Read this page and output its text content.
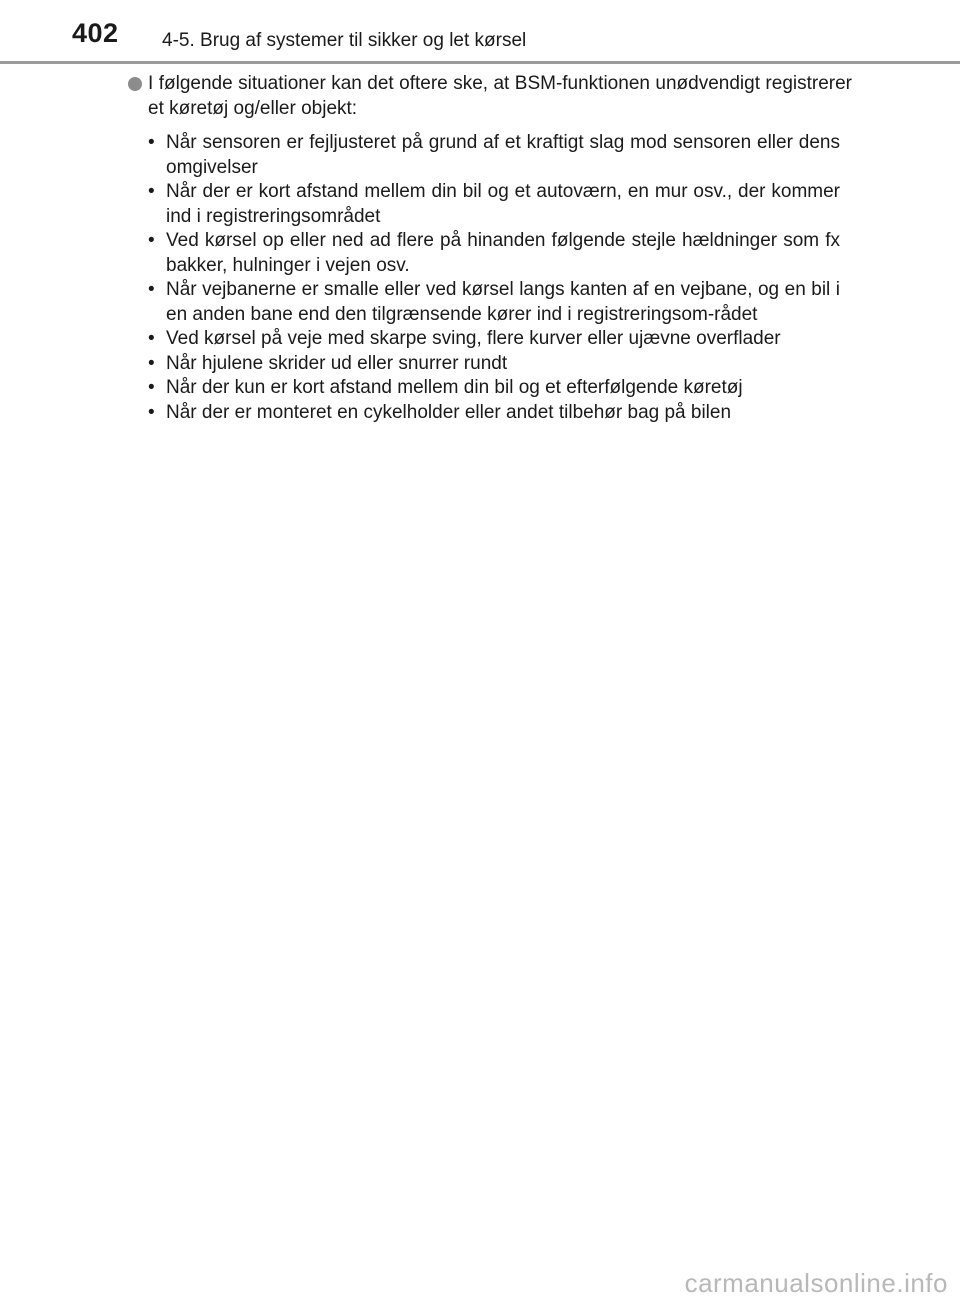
402 4-5. Brug af systemer til sikker og let kørsel
I følgende situationer kan det oftere ske, at BSM-funktionen unødvendigt registrerer et køretøj og/eller objekt:
• Når sensoren er fejljusteret på grund af et kraftigt slag mod sensoren eller dens omgivelser
• Når der er kort afstand mellem din bil og et autoværn, en mur osv., der kommer ind i registreringsområdet
• Ved kørsel op eller ned ad flere på hinanden følgende stejle hældninger som fx bakker, hulninger i vejen osv.
• Når vejbanerne er smalle eller ved kørsel langs kanten af en vejbane, og en bil i en anden bane end den tilgrænsende kører ind i registreringsom-rådet
• Ved kørsel på veje med skarpe sving, flere kurver eller ujævne overflader
• Når hjulene skrider ud eller snurrer rundt
• Når der kun er kort afstand mellem din bil og et efterfølgende køretøj
• Når der er monteret en cykelholder eller andet tilbehør bag på bilen
carmanualsonline.info
